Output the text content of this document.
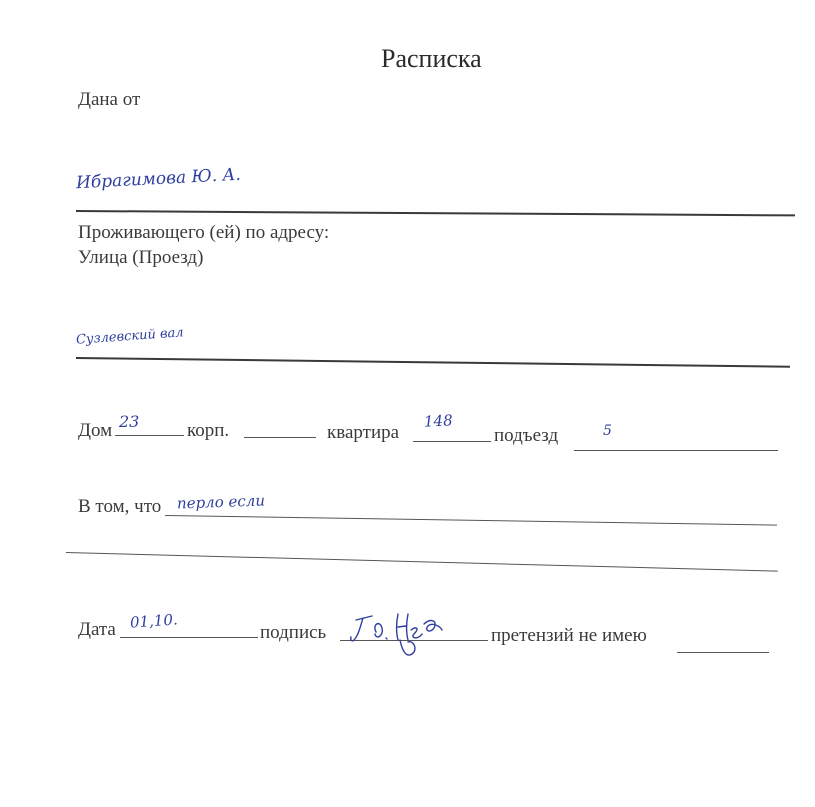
Расписка
Дана от
Ибрагимова Ю. А.
Проживающего (ей) по адресу:
Улица (Проезд)
Сузлевский вал
Дом 23	корп.	квартира
148
подъезд	5
В том, что перло если
Дата 01,10.
подпись	претензий не имею
